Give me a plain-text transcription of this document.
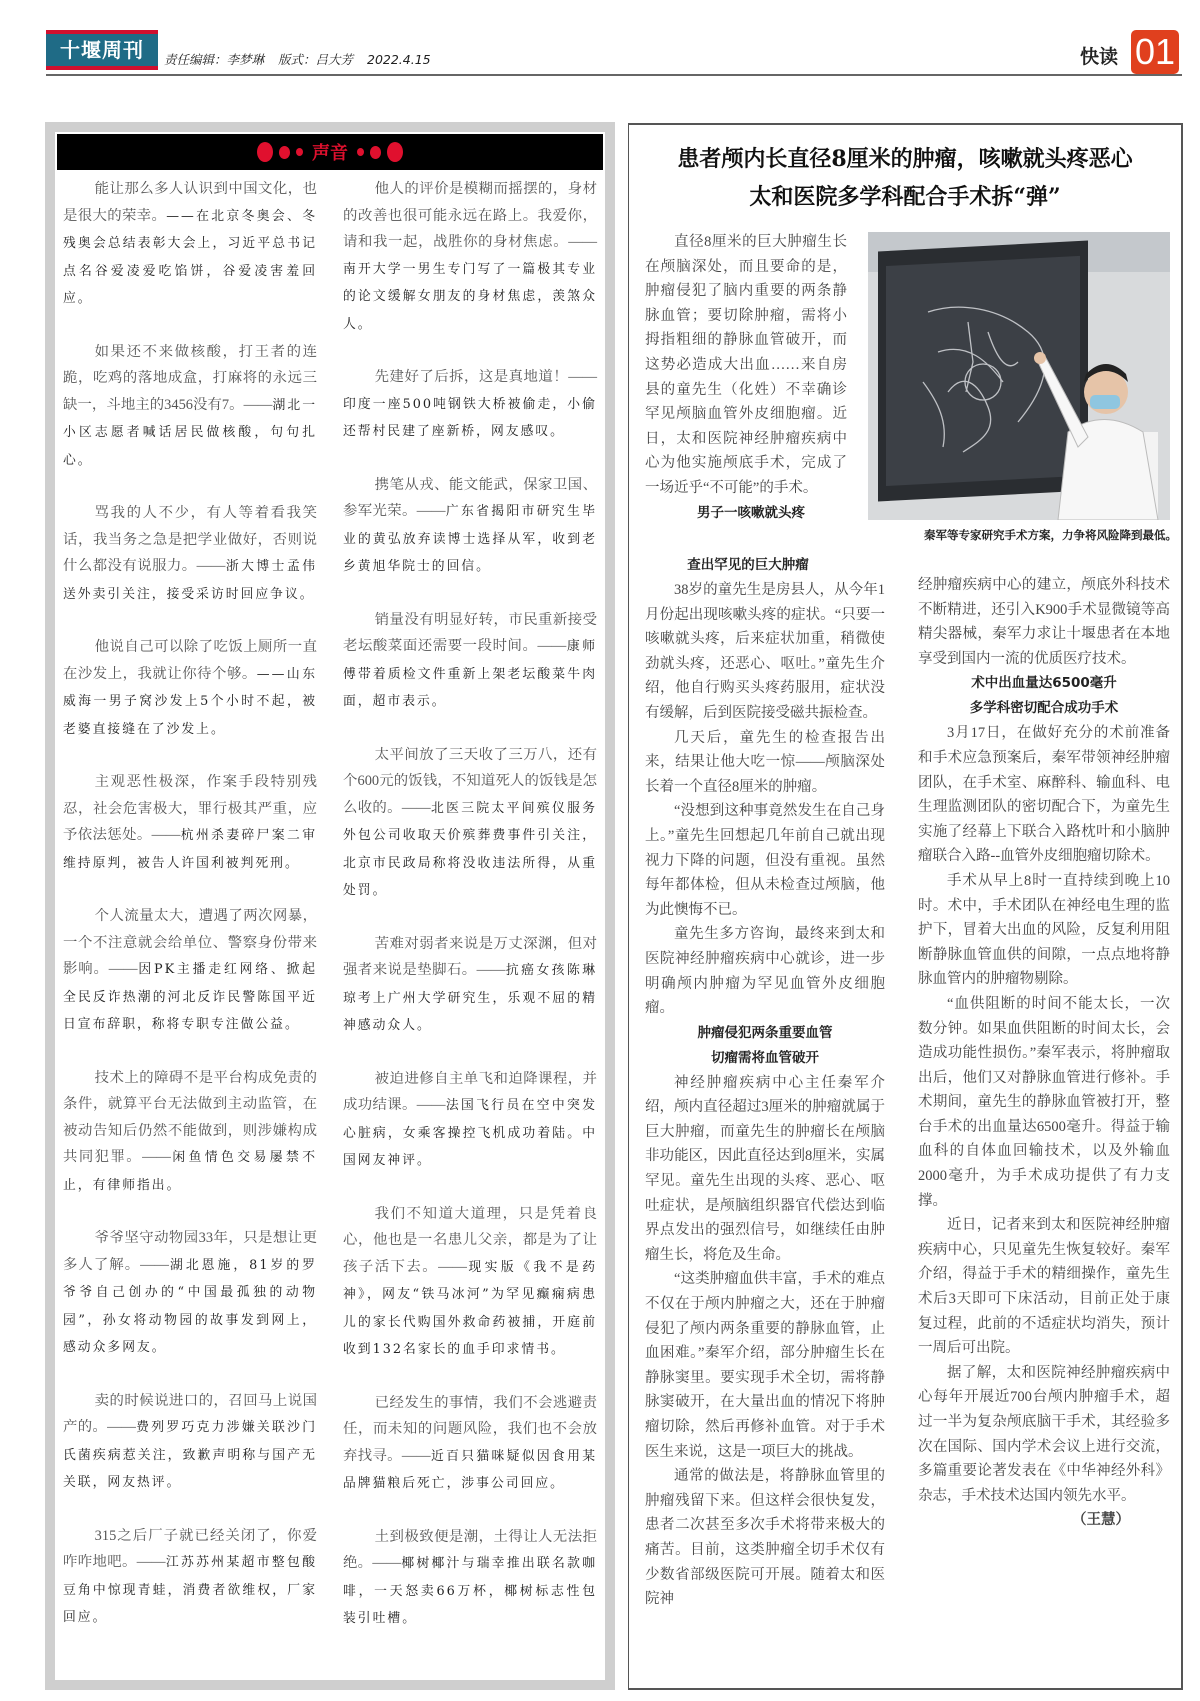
十堰周刊	责任编辑：李梦琳 版式：吕大芳 2022.4.15	快读 01
声音

能让那么多人认识到中国文化，也是很大的荣幸。——在北京冬奥会、冬残奥会总结表彰大会上，习近平总书记点名谷爱凌爱吃馅饼，谷爱凌害羞回应。

如果还不来做核酸，打王者的连跪，吃鸡的落地成盒，打麻将的永远三缺一，斗地主的3456没有7。——湖北一小区志愿者喊话居民做核酸，句句扎心。

骂我的人不少，有人等着看我笑话，我当务之急是把学业做好，否则说什么都没有说服力。——浙大博士孟伟送外卖引关注，接受采访时回应争议。

他说自己可以除了吃饭上厕所一直在沙发上，我就让你待个够。——山东威海一男子窝沙发上5个小时不起，被老婆直接缝在了沙发上。

主观恶性极深，作案手段特别残忍，社会危害极大，罪行极其严重，应予依法惩处。——杭州杀妻碎尸案二审维持原判，被告人许国利被判死刑。

个人流量太大，遭遇了两次网暴，一个不注意就会给单位、警察身份带来影响。——因PK主播走红网络、掀起全民反诈热潮的河北反诈民警陈国平近日宣布辞职，称将专职专注做公益。

技术上的障碍不是平台构成免责的条件，就算平台无法做到主动监管，在被动告知后仍然不能做到，则涉嫌构成共同犯罪。——闲鱼情色交易屡禁不止，有律师指出。

爷爷坚守动物园33年，只是想让更多人了解。——湖北恩施，81岁的罗爷爷自己创办的“中国最孤独的动物园”，孙女将动物园的故事发到网上，感动众多网友。

卖的时候说进口的，召回马上说国产的。——费列罗巧克力涉嫌关联沙门氏菌疾病惹关注，致歉声明称与国产无关联，网友热评。

315之后厂子就已经关闭了，你爱咋咋地吧。——江苏苏州某超市整包酸豆角中惊现青蛙，消费者欲维权，厂家回应。

他人的评价是模糊而摇摆的，身材的改善也很可能永远在路上。我爱你，请和我一起，战胜你的身材焦虑。——南开大学一男生专门写了一篇极其专业的论文缓解女朋友的身材焦虑，羡煞众人。

先建好了后拆，这是真地道！——印度一座500吨钢铁大桥被偷走，小偷还帮村民建了座新桥，网友感叹。

携笔从戎、能文能武，保家卫国、参军光荣。——广东省揭阳市研究生毕业的黄弘放弃读博士选择从军，收到老乡黄旭华院士的回信。

销量没有明显好转，市民重新接受老坛酸菜面还需要一段时间。——康师傅带着质检文件重新上架老坛酸菜牛肉面，超市表示。

太平间放了三天收了三万八，还有个600元的饭钱，不知道死人的饭钱是怎么收的。——北医三院太平间殡仪服务外包公司收取天价殡葬费事件引关注，北京市民政局称将没收违法所得，从重处罚。

苦难对弱者来说是万丈深渊，但对强者来说是垫脚石。——抗癌女孩陈琳琼考上广州大学研究生，乐观不屈的精神感动众人。

被迫进修自主单飞和迫降课程，并成功结课。——法国飞行员在空中突发心脏病，女乘客操控飞机成功着陆。中国网友神评。

我们不知道大道理，只是凭着良心，他也是一名患儿父亲，都是为了让孩子活下去。——现实版《我不是药神》，网友“铁马冰河”为罕见癫痫病患儿的家长代购国外救命药被捕，开庭前收到132名家长的血手印求情书。

已经发生的事情，我们不会逃避责任，而未知的问题风险，我们也不会放弃找寻。——近百只猫咪疑似因食用某品牌猫粮后死亡，涉事公司回应。

土到极致便是潮，土得让人无法拒绝。——椰树椰汁与瑞幸推出联名款咖啡，一天怒卖66万杯，椰树标志性包装引吐槽。

患者颅内长直径8厘米的肿瘤，咳嗽就头疼恶心
太和医院多学科配合手术拆“弹”
秦军等专家研究手术方案，力争将风险降到最低。

直径8厘米的巨大肿瘤生长在颅脑深处，而且要命的是，肿瘤侵犯了脑内重要的两条静脉血管；要切除肿瘤，需将小拇指粗细的静脉血管破开，而这势必造成大出血……来自房县的童先生（化姓）不幸确诊罕见颅脑血管外皮细胞瘤。近日，太和医院神经肿瘤疾病中心为他实施颅底手术，完成了一场近乎“不可能”的手术。

男子一咳嗽就头疼

查出罕见的巨大肿瘤

38岁的童先生是房县人，从今年1月份起出现咳嗽头疼的症状。“只要一咳嗽就头疼，后来症状加重，稍微使劲就头疼，还恶心、呕吐。”童先生介绍，他自行购买头疼药服用，症状没有缓解，后到医院接受磁共振检查。

几天后，童先生的检查报告出来，结果让他大吃一惊——颅脑深处长着一个直径8厘米的肿瘤。

“没想到这种事竟然发生在自己身上。”童先生回想起几年前自己就出现视力下降的问题，但没有重视。虽然每年都体检，但从未检查过颅脑，他为此懊悔不已。

童先生多方咨询，最终来到太和医院神经肿瘤疾病中心就诊，进一步明确颅内肿瘤为罕见血管外皮细胞瘤。

肿瘤侵犯两条重要血管

切瘤需将血管破开

神经肿瘤疾病中心主任秦军介绍，颅内直径超过3厘米的肿瘤就属于巨大肿瘤，而童先生的肿瘤长在颅脑非功能区，因此直径达到8厘米，实属罕见。童先生出现的头疼、恶心、呕吐症状，是颅脑组织器官代偿达到临界点发出的强烈信号，如继续任由肿瘤生长，将危及生命。

“这类肿瘤血供丰富，手术的难点不仅在于颅内肿瘤之大，还在于肿瘤侵犯了颅内两条重要的静脉血管，止血困难。”秦军介绍，部分肿瘤生长在静脉窦里。要实现手术全切，需将静脉窦破开，在大量出血的情况下将肿瘤切除，然后再修补血管。对于手术医生来说，这是一项巨大的挑战。

通常的做法是，将静脉血管里的肿瘤残留下来。但这样会很快复发，患者二次甚至多次手术将带来极大的痛苦。目前，这类肿瘤全切手术仅有少数省部级医院可开展。随着太和医院神

经肿瘤疾病中心的建立，颅底外科技术不断精进，还引入K900手术显微镜等高精尖器械，秦军力求让十堰患者在本地享受到国内一流的优质医疗技术。

术中出血量达6500毫升

多学科密切配合成功手术

3月17日，在做好充分的术前准备和手术应急预案后，秦军带领神经肿瘤团队，在手术室、麻醉科、输血科、电生理监测团队的密切配合下，为童先生实施了经幕上下联合入路枕叶和小脑肿瘤联合入路--血管外皮细胞瘤切除术。

手术从早上8时一直持续到晚上10时。术中，手术团队在神经电生理的监护下，冒着大出血的风险，反复利用阻断静脉血管血供的间隙，一点点地将静脉血管内的肿瘤物剔除。

“血供阻断的时间不能太长，一次数分钟。如果血供阻断的时间太长，会造成功能性损伤。”秦军表示，将肿瘤取出后，他们又对静脉血管进行修补。手术期间，童先生的静脉血管被打开，整台手术的出血量达6500毫升。得益于输血科的自体血回输技术，以及外输血2000毫升，为手术成功提供了有力支撑。

近日，记者来到太和医院神经肿瘤疾病中心，只见童先生恢复较好。秦军介绍，得益于手术的精细操作，童先生术后3天即可下床活动，目前正处于康复过程，此前的不适症状均消失，预计一周后可出院。

据了解，太和医院神经肿瘤疾病中心每年开展近700台颅内肿瘤手术，超过一半为复杂颅底脑干手术，其经验多次在国际、国内学术会议上进行交流，多篇重要论著发表在《中华神经外科》杂志，手术技术达国内领先水平。
（王慧）
